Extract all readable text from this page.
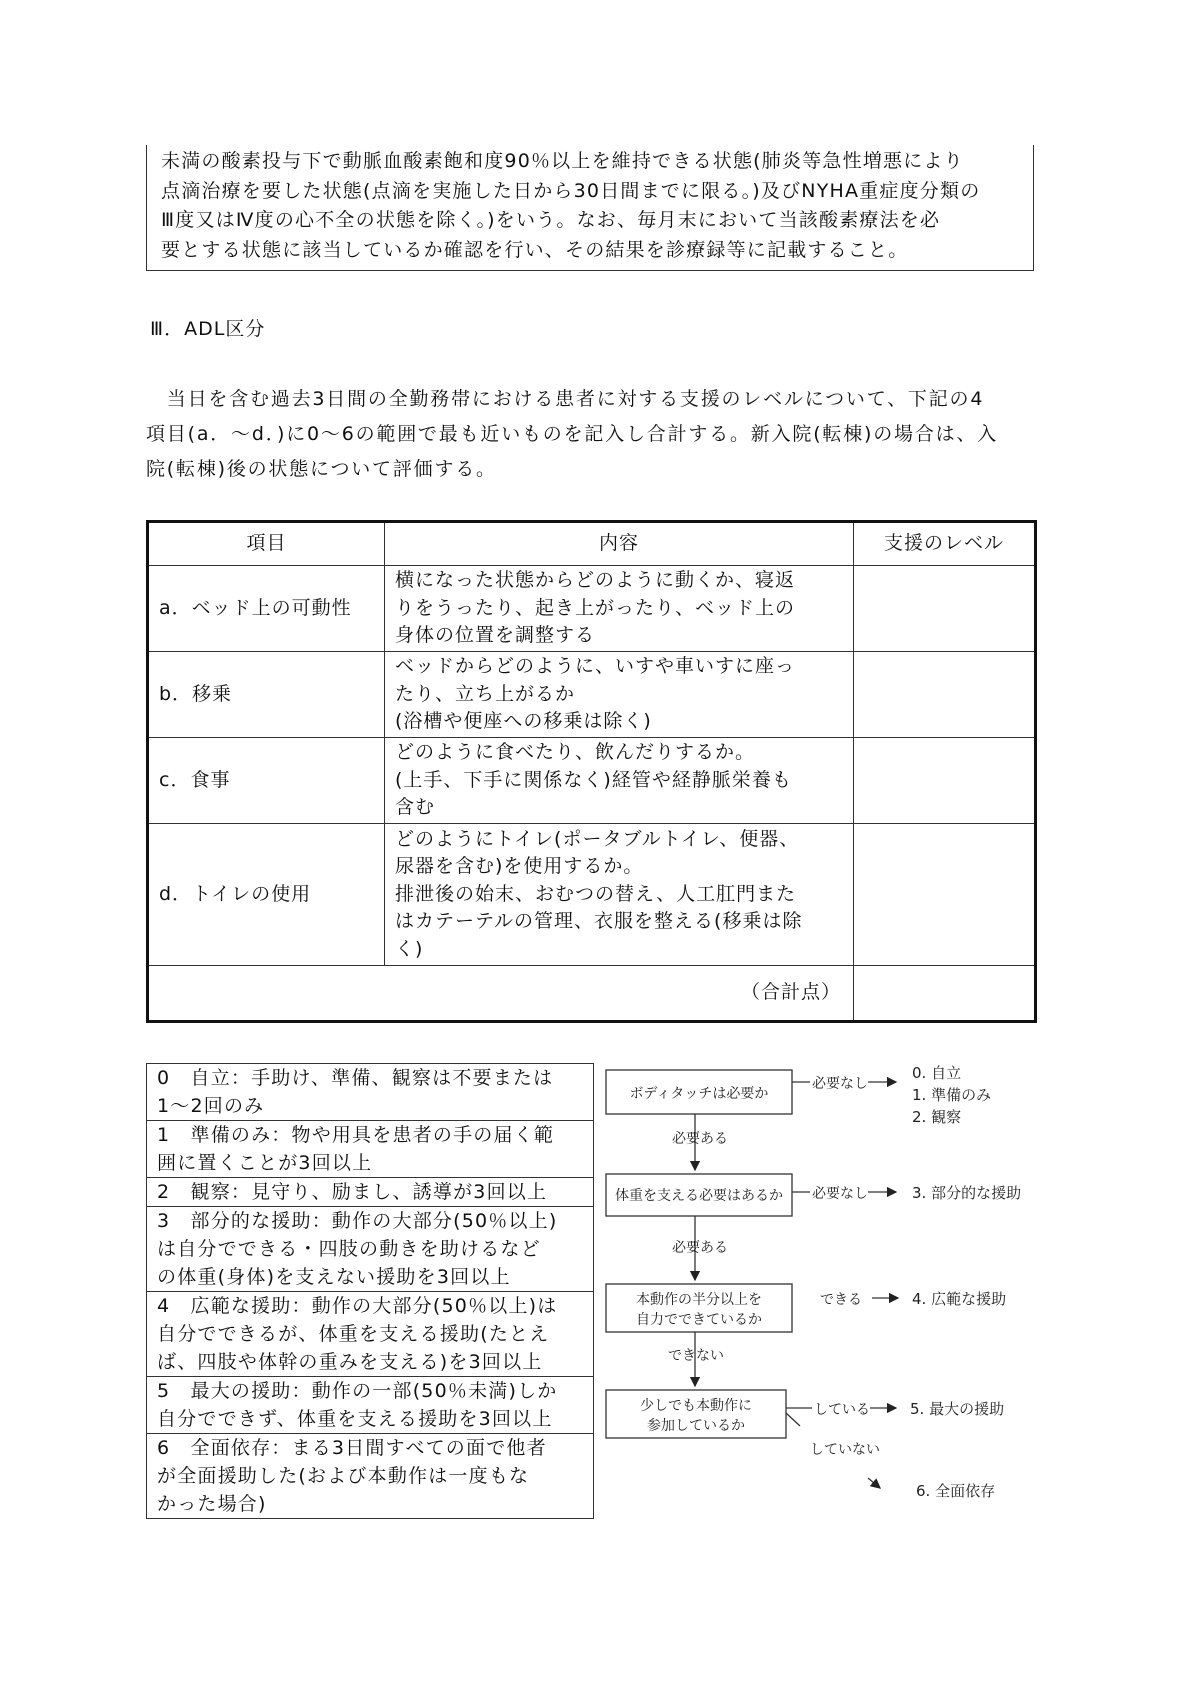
未満の酸素投与下で動脈血酸素飽和度90％以上を維持できる状態(肺炎等急性増悪により

点滴治療を要した状態(点滴を実施した日から30日間までに限る。)及びNYHA重症度分類の

Ⅲ度又はⅣ度の心不全の状態を除く。)をいう。なお、毎月末において当該酸素療法を必

要とする状態に該当しているか確認を行い、その結果を診療録等に記載すること。

Ⅲ．ADL区分

　当日を含む過去3日間の全勤務帯における患者に対する支援のレベルについて、下記の4

項目(a．～d．)に0～6の範囲で最も近いものを記入し合計する。新入院(転棟)の場合は、入

院(転棟)後の状態について評価する。

項目	内容	支援のレベル
a．ベッド上の可動性	横になった状態からどのように動くか、寝返
りをうったり、起き上がったり、ベッド上の
身体の位置を調整する	

b．移乗	ベッドからどのように、いすや車いすに座っ
たり、立ち上がるか
(浴槽や便座への移乗は除く)	

c．食事	どのように食べたり、飲んだりするか。
(上手、下手に関係なく)経管や経静脈栄養も
含む	

d．トイレの使用	どのようにトイレ(ポータブルトイレ、便器、
尿器を含む)を使用するか。
排泄後の始末、おむつの替え、人工肛門また
はカテーテルの管理、衣服を整える(移乗は除
く)	

（合計点）		
0　自立：手助け、準備、観察は不要または
1～2回のみ

1　準備のみ：物や用具を患者の手の届く範
囲に置くことが3回以上

2　観察：見守り、励まし、誘導が3回以上

3　部分的な援助：動作の大部分(50％以上)
は自分でできる・四肢の動きを助けるなど
の体重(身体)を支えない援助を3回以上

4　広範な援助：動作の大部分(50％以上)は
自分でできるが、体重を支える援助(たとえ
ば、四肢や体幹の重みを支える)を3回以上

5　最大の援助：動作の一部(50％未満)しか
自分でできず、体重を支える援助を3回以上

6　全面依存：まる3日間すべての面で他者
が全面援助した(および本動作は一度もな
かった場合)
ボディタッチは必要か
必要なし
0. 自立
1. 準備のみ
2. 観察
必要ある
体重を支える必要はあるか 必要なし	3. 部分的な援助
必要ある
本動作の半分以上を
自力でできているか
できる	4. 広範な援助
できない
少しでも本動作に
参加しているか
している	5. 最大の援助
していない
6. 全面依存
